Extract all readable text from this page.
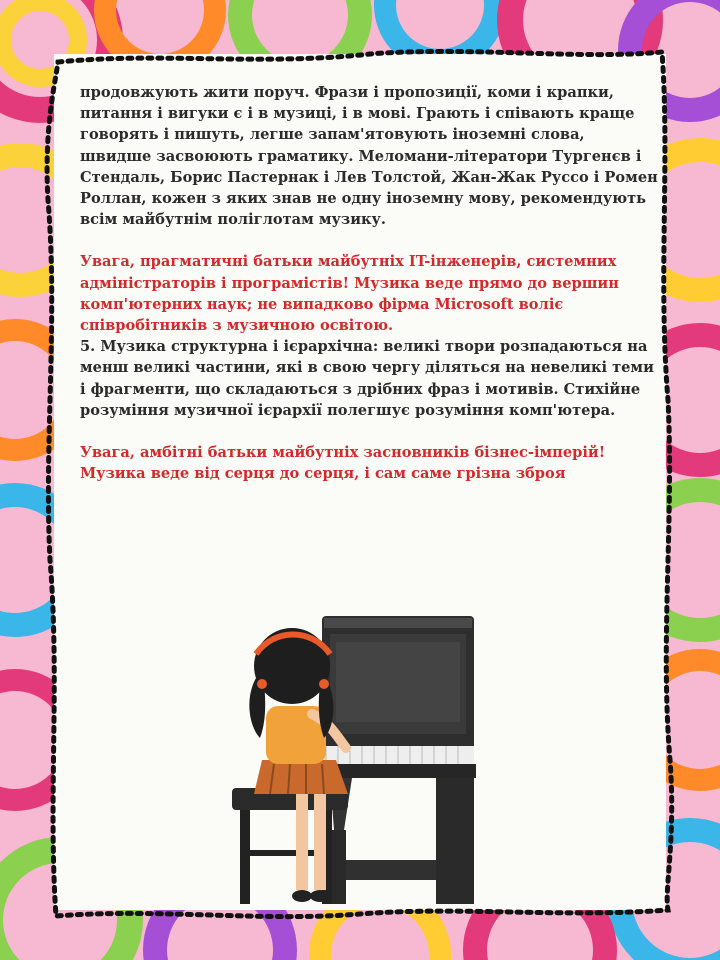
продовжують жити поруч. Фрази і пропозиції, коми і крапки, питання і вигуки є і в музиці, і в мові. Грають і співають краще говорять і пишуть, легше запам'ятовують іноземні слова, швидше засвоюють граматику. Меломани-літератори Тургенєв і Стендаль, Борис Пастернак і Лев Толстой, Жан-Жак Руссо і Ромен Роллан, кожен з яких знав не одну іноземну мову, рекомендують всім майбутнім поліглотам музику.

Увага, прагматичні батьки майбутніх IT-інженерів, системних адміністраторів і програмістів! Музика веде прямо до вершин комп'ютерних наук; не випадково фірма Microsoft воліє співробітників з музичною освітою.

5. Музика структурна і ієрархічна: великі твори розпадаються на менш великі частини, які в свою чергу діляться на невеликі теми і фрагменти, що складаються з дрібних фраз і мотивів. Стихійне розуміння музичної ієрархії полегшує розуміння комп'ютера.

Увага, амбітні батьки майбутніх засновників бізнес-імперій! Музика веде від серця до серця, і сам саме грізна зброя
